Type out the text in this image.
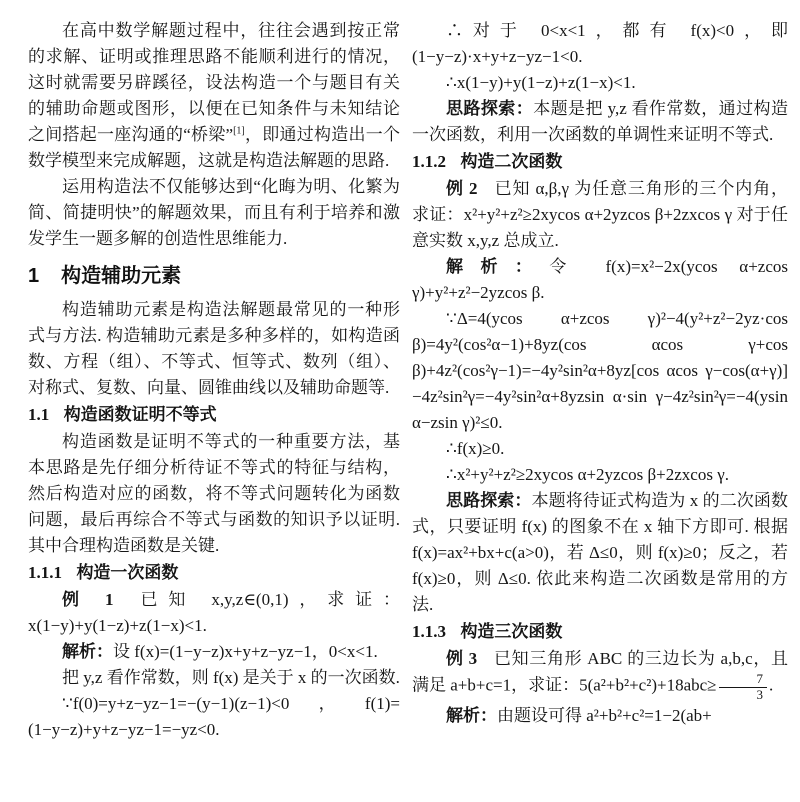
在高中数学解题过程中，往往会遇到按正常的求解、证明或推理思路不能顺利进行的情况，这时就需要另辟蹊径，设法构造一个与题目有关的辅助命题或图形，以便在已知条件与未知结论之间搭起一座沟通的“桥梁”[1]，即通过构造出一个数学模型来完成解题，这就是构造法解题的思路.

运用构造法不仅能够达到“化晦为明、化繁为简、简捷明快”的解题效果，而且有利于培养和激发学生一题多解的创造性思维能力.

1 构造辅助元素

构造辅助元素是构造法解题最常见的一种形式与方法. 构造辅助元素是多种多样的，如构造函数、方程（组）、不等式、恒等式、数列（组）、对称式、复数、向量、圆锥曲线以及辅助命题等.

1.1 构造函数证明不等式

构造函数是证明不等式的一种重要方法，基本思路是先仔细分析待证不等式的特征与结构，然后构造对应的函数，将不等式问题转化为函数问题，最后再综合不等式与函数的知识予以证明. 其中合理构造函数是关键.

1.1.1 构造一次函数

例 1 已知 x,y,z∈(0,1)，求证：x(1−y)+y(1−z)+z(1−x)<1.

解析：设 f(x)=(1−y−z)x+y+z−yz−1，0<x<1.

把 y,z 看作常数，则 f(x) 是关于 x 的一次函数.

∵f(0)=y+z−yz−1=−(y−1)(z−1)<0，f(1)=(1−y−z)+y+z−yz−1=−yz<0.

∴对于 0<x<1，都有 f(x)<0，即(1−y−z)·x+y+z−yz−1<0.

∴x(1−y)+y(1−z)+z(1−x)<1.

思路探索：本题是把 y,z 看作常数，通过构造一次函数，利用一次函数的单调性来证明不等式.

1.1.2 构造二次函数

例 2 已知 α,β,γ 为任意三角形的三个内角，求证：x²+y²+z²≥2xycos α+2yzcos β+2zxcos γ 对于任意实数 x,y,z 总成立.

解析：令 f(x)=x²−2x(ycos α+zcos γ)+y²+z²−2yzcos β.

∵Δ=4(ycos α+zcos γ)²−4(y²+z²−2yz·cos β)=4y²(cos²α−1)+8yz(cos αcos γ+cos β)+4z²(cos²γ−1)=−4y²sin²α+8yz[cos αcos γ−cos(α+γ)]−4z²sin²γ=−4y²sin²α+8yzsin α·sin γ−4z²sin²γ=−4(ysin α−zsin γ)²≤0.

∴f(x)≥0.

∴x²+y²+z²≥2xycos α+2yzcos β+2zxcos γ.

思路探索：本题将待证式构造为 x 的二次函数式，只要证明 f(x) 的图象不在 x 轴下方即可. 根据 f(x)=ax²+bx+c(a>0)，若 Δ≤0，则 f(x)≥0；反之，若 f(x)≥0，则 Δ≤0. 依此来构造二次函数是常用的方法.

1.1.3 构造三次函数

例 3 已知三角形 ABC 的三边长为 a,b,c，且满足 a+b+c=1，求证：$5(a^2+b^2+c^2)+18abc\ge \frac{7}{3}$ .

解析：由题设可得 a²+b²+c²=1−2(ab+
